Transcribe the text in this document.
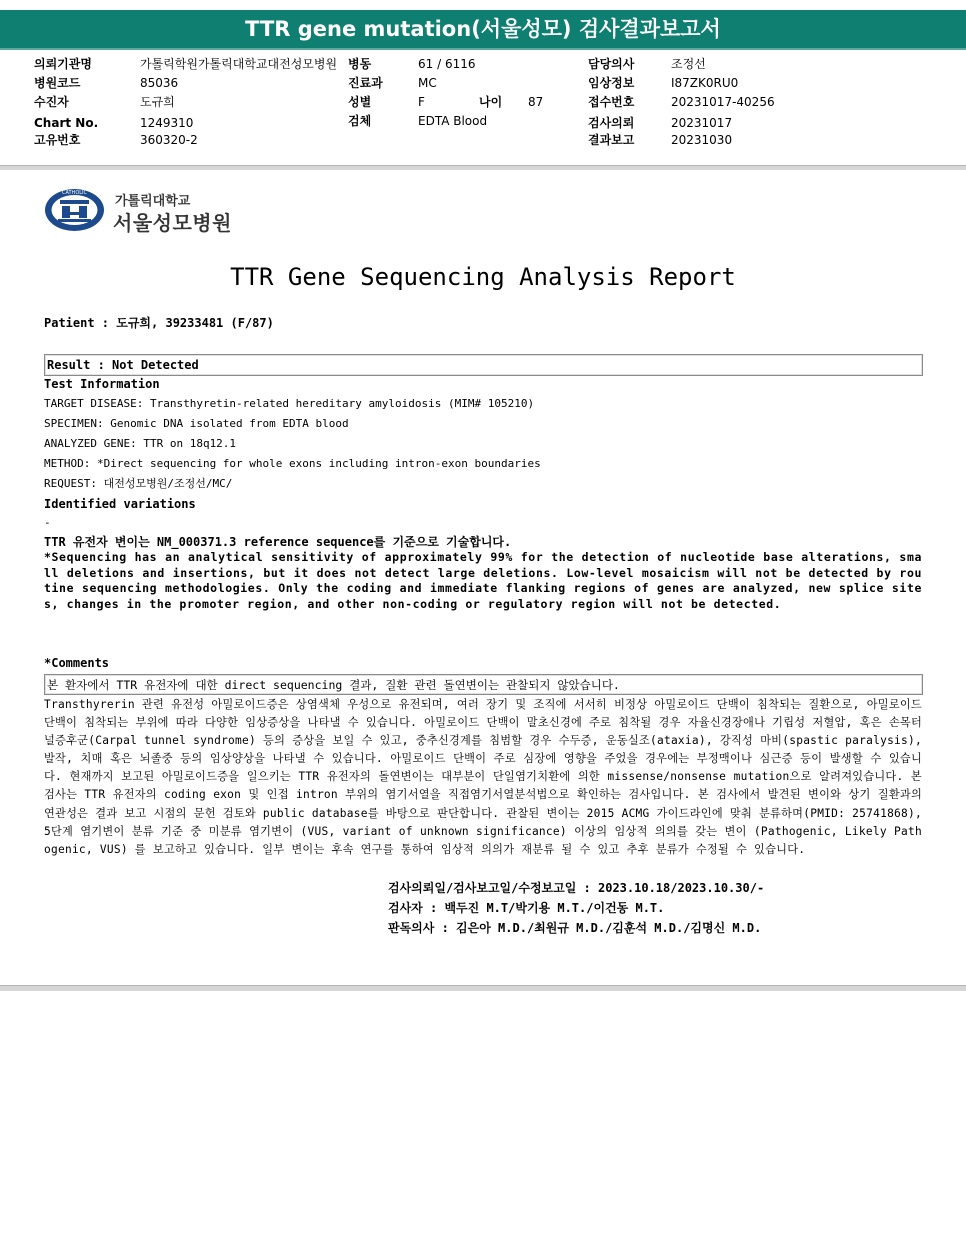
TTR gene mutation(서울성모) 검사결과보고서
의뢰기관명	가톨릭학원가톨릭대학교대전성모병원
병원코드	85036
수진자	도규희
Chart No.	1249310
고유번호	360320-2
병동	61 / 6116
진료과	MC
성별	F	나이 87
검체	EDTA Blood
담당의사	조정선
임상정보	I87ZK0RU0
접수번호	20231017-40256
검사의뢰	20231017
결과보고	20231030
CATHOLIC
가톨릭대학교
서울성모병원
TTR Gene Sequencing Analysis Report
Patient : 도규희, 39233481 (F/87)
Result : Not Detected
Test Information
TARGET DISEASE: Transthyretin-related hereditary amyloidosis (MIM# 105210)
SPECIMEN: Genomic DNA isolated from EDTA blood
ANALYZED GENE: TTR on 18q12.1
METHOD: *Direct sequencing for whole exons including intron-exon boundaries
REQUEST: 대전성모병원/조정선/MC/
Identified variations
-
TTR 유전자 변이는 NM_000371.3 reference sequence를 기준으로 기술합니다.
*Sequencing has an analytical sensitivity of approximately 99% for the detection of nucleotide base alterations, small deletions and insertions, but it does not detect large deletions. Low-level mosaicism will not be detected by routine sequencing methodologies. Only the coding and immediate flanking regions of genes are analyzed, new splice sites, changes in the promoter region, and other non-coding or regulatory region will not be detected.
*Comments
본 환자에서 TTR 유전자에 대한 direct sequencing 결과, 질환 관련 돌연변이는 관찰되지 않았습니다.
Transthyrerin 관련 유전성 아밀로이드증은 상염색체 우성으로 유전되며, 여러 장기 및 조직에 서서히 비정상 아밀로이드 단백이 침착되는 질환으로, 아밀로이드 단백이 침착되는 부위에 따라 다양한 임상증상을 나타낼 수 있습니다. 아밀로이드 단백이 말초신경에 주로 침착될 경우 자율신경장애나 기립성 저혈압, 혹은 손목터널증후군(Carpal tunnel syndrome) 등의 증상을 보일 수 있고, 중추신경계를 침범할 경우 수두증, 운동실조(ataxia), 강직성 마비(spastic paralysis), 발작, 치매 혹은 뇌졸중 등의 임상양상을 나타낼 수 있습니다. 아밀로이드 단백이 주로 심장에 영향을 주었을 경우에는 부정맥이나 심근증 등이 발생할 수 있습니다. 현재까지 보고된 아밀로이드증을 일으키는 TTR 유전자의 돌연변이는 대부분이 단일염기치환에 의한 missense/nonsense mutation으로 알려져있습니다. 본 검사는 TTR 유전자의 coding exon 및 인접 intron 부위의 염기서열을 직접염기서열분석법으로 확인하는 검사입니다. 본 검사에서 발견된 변이와 상기 질환과의 연관성은 결과 보고 시점의 문헌 검토와 public database를 바탕으로 판단합니다. 관찰된 변이는 2015 ACMG 가이드라인에 맞춰 분류하며(PMID: 25741868), 5단계 염기변이 분류 기준 중 미분류 염기변이 (VUS, variant of unknown significance) 이상의 임상적 의의를 갖는 변이 (Pathogenic, Likely Pathogenic, VUS) 를 보고하고 있습니다. 일부 변이는 후속 연구를 통하여 임상적 의의가 재분류 될 수 있고 추후 분류가 수정될 수 있습니다.
검사의뢰일/검사보고일/수정보고일 : 2023.10.18/2023.10.30/-
검사자 : 백두진 M.T/박기용 M.T./이건동 M.T.
판독의사 : 김은아 M.D./최원규 M.D./김훈석 M.D./김명신 M.D.
